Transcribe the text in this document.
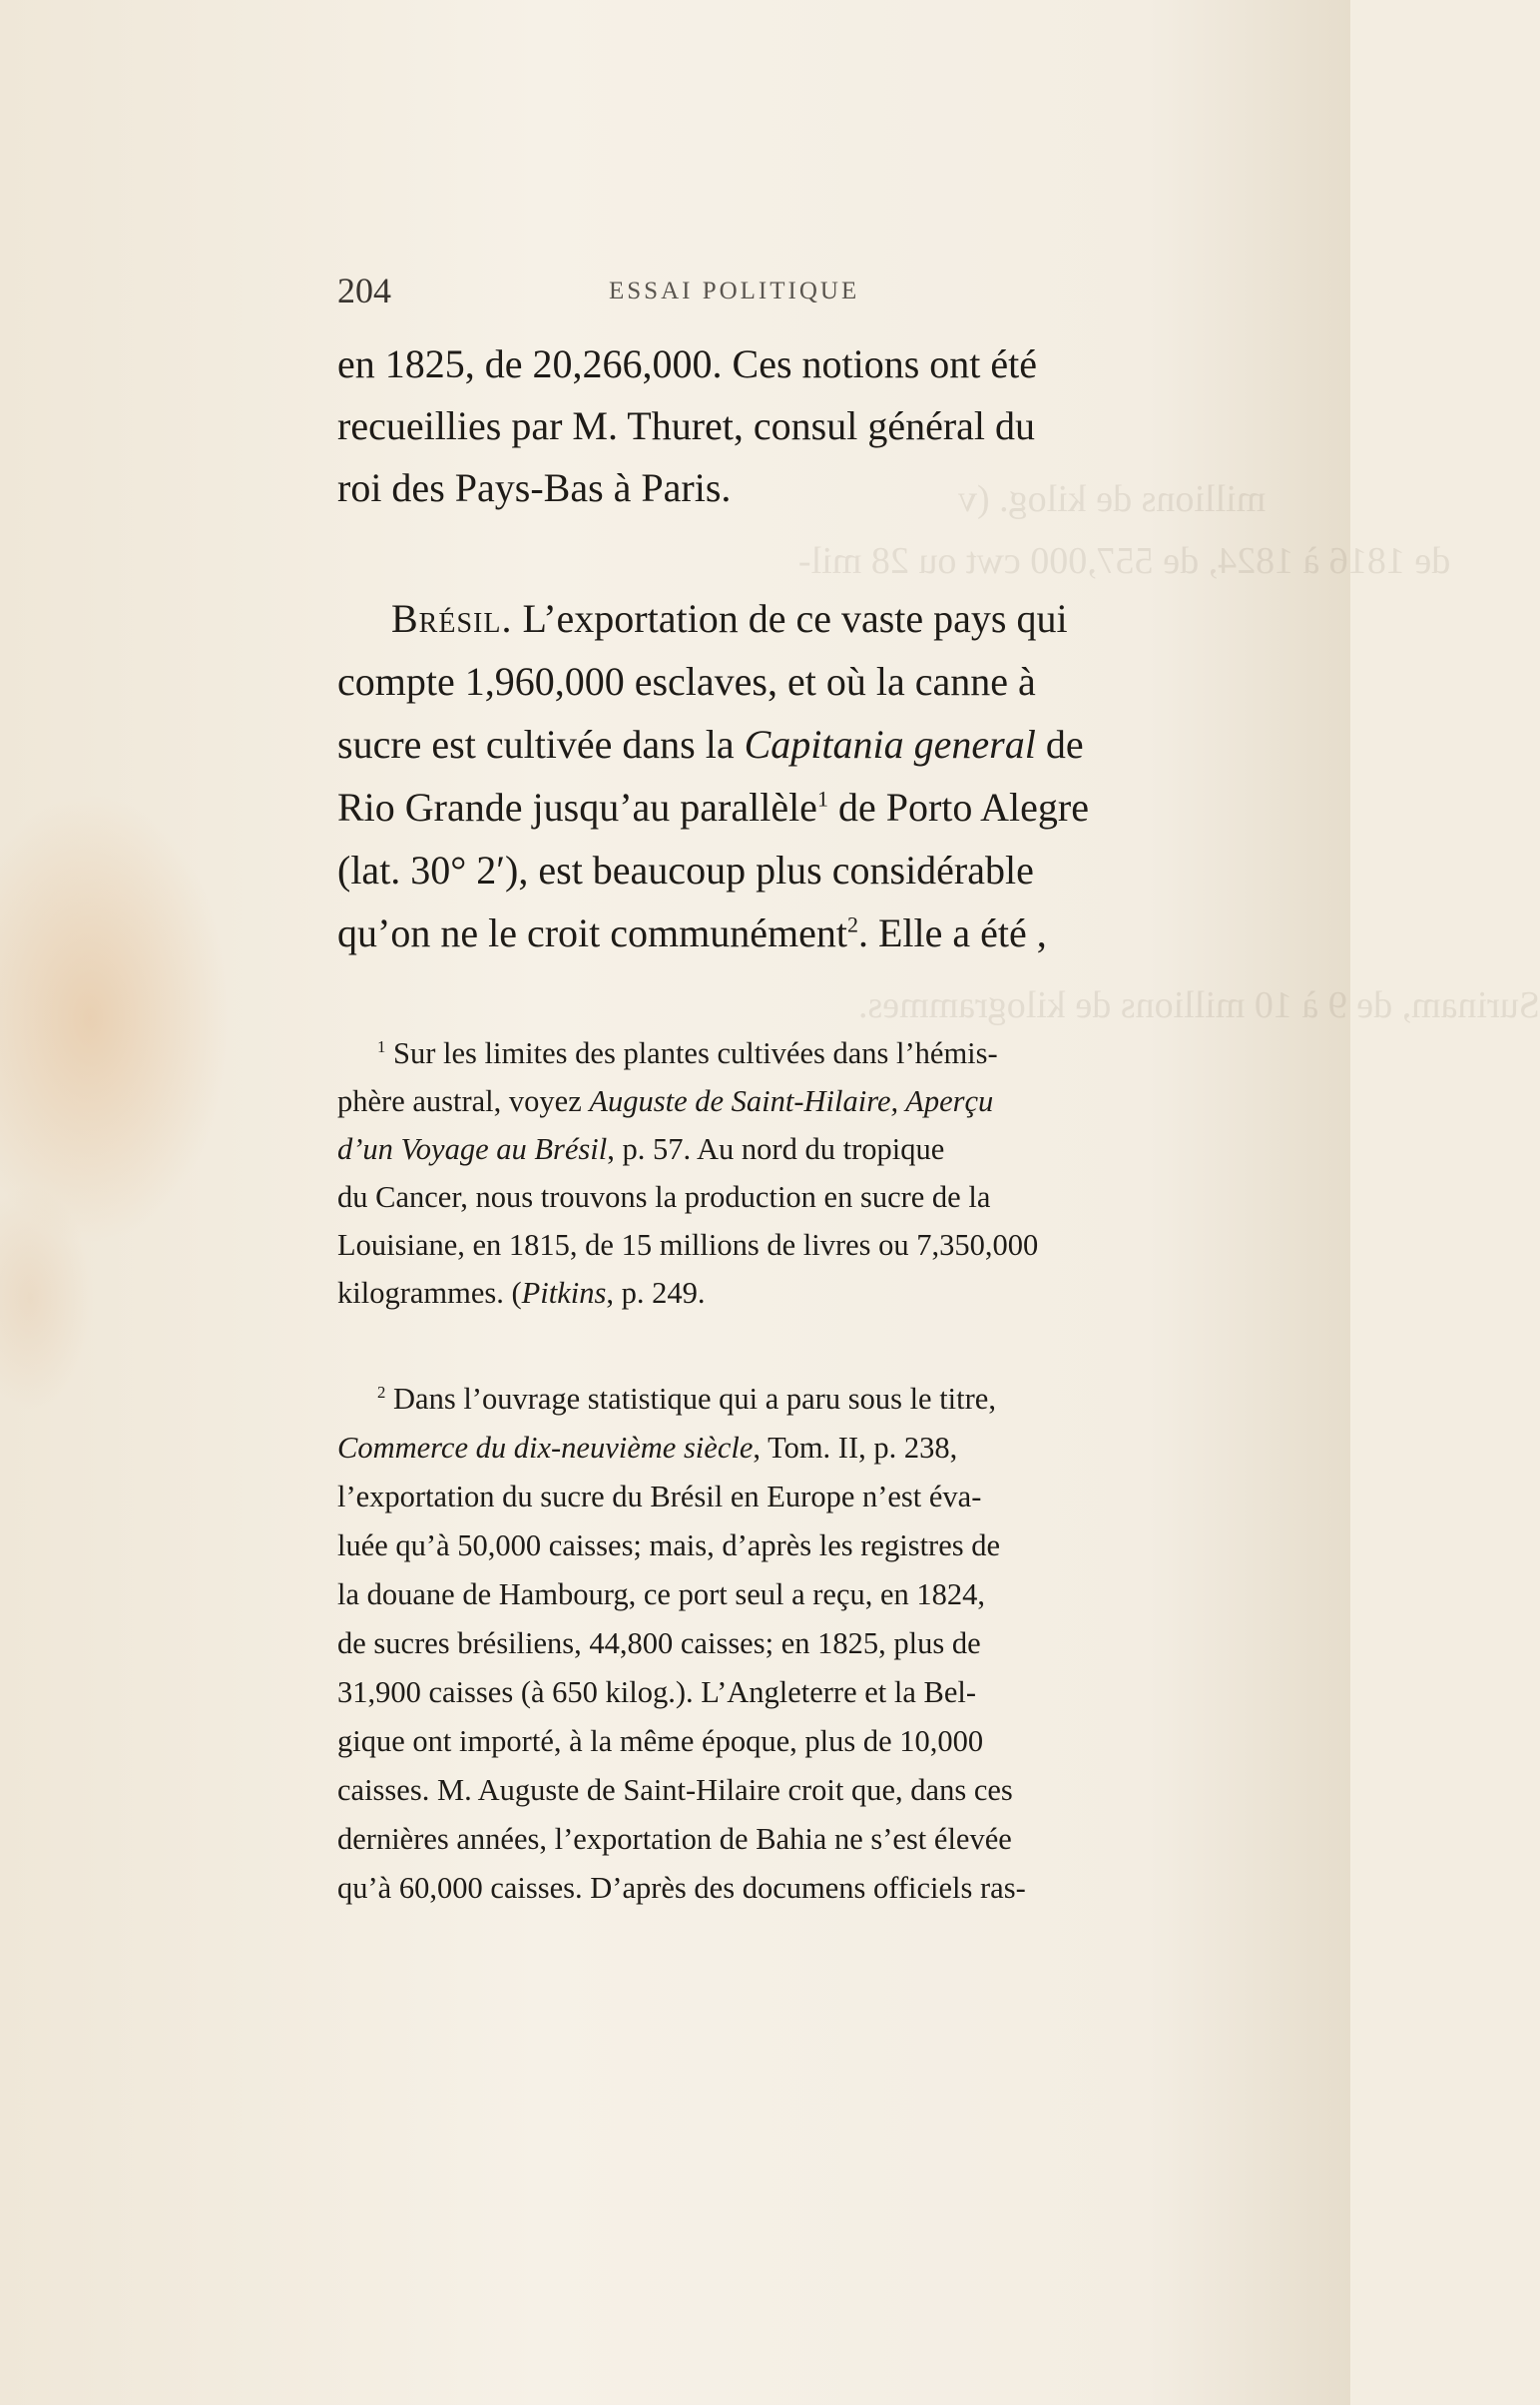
millions de kilog. (v
de 1816 à 1824, de 557,000 cwt ou 28 mil-
Surinam, de 9 à 10 millions de kilogrammes.
204	ESSAI POLITIQUE
en 1825, de 20,266,000. Ces notions ont été
recueillies par M. Thuret, consul général du
roi des Pays-Bas à Paris.
Brésil. L’exportation de ce vaste pays qui
compte 1,960,000 esclaves, et où la canne à
sucre est cultivée dans la Capitania general de
Rio Grande jusqu’au parallèle$^1$ de Porto Alegre
(lat. 30° 2′), est beaucoup plus considérable
qu’on ne le croit communément$^2$. Elle a été ,
$^1$ Sur les limites des plantes cultivées dans l’hémis-
phère austral, voyez Auguste de Saint-Hilaire, Aperçu
d’un Voyage au Brésil, p. 57. Au nord du tropique
du Cancer, nous trouvons la production en sucre de la
Louisiane, en 1815, de 15 millions de livres ou 7,350,000
kilogrammes. (Pitkins, p. 249.
$^2$ Dans l’ouvrage statistique qui a paru sous le titre,
Commerce du dix-neuvième siècle, Tom. II, p. 238,
l’exportation du sucre du Brésil en Europe n’est éva-
luée qu’à 50,000 caisses; mais, d’après les registres de
la douane de Hambourg, ce port seul a reçu, en 1824,
de sucres brésiliens, 44,800 caisses; en 1825, plus de
31,900 caisses (à 650 kilog.). L’Angleterre et la Bel-
gique ont importé, à la même époque, plus de 10,000
caisses. M. Auguste de Saint-Hilaire croit que, dans ces
dernières années, l’exportation de Bahia ne s’est élevée
qu’à 60,000 caisses. D’après des documens officiels ras-
